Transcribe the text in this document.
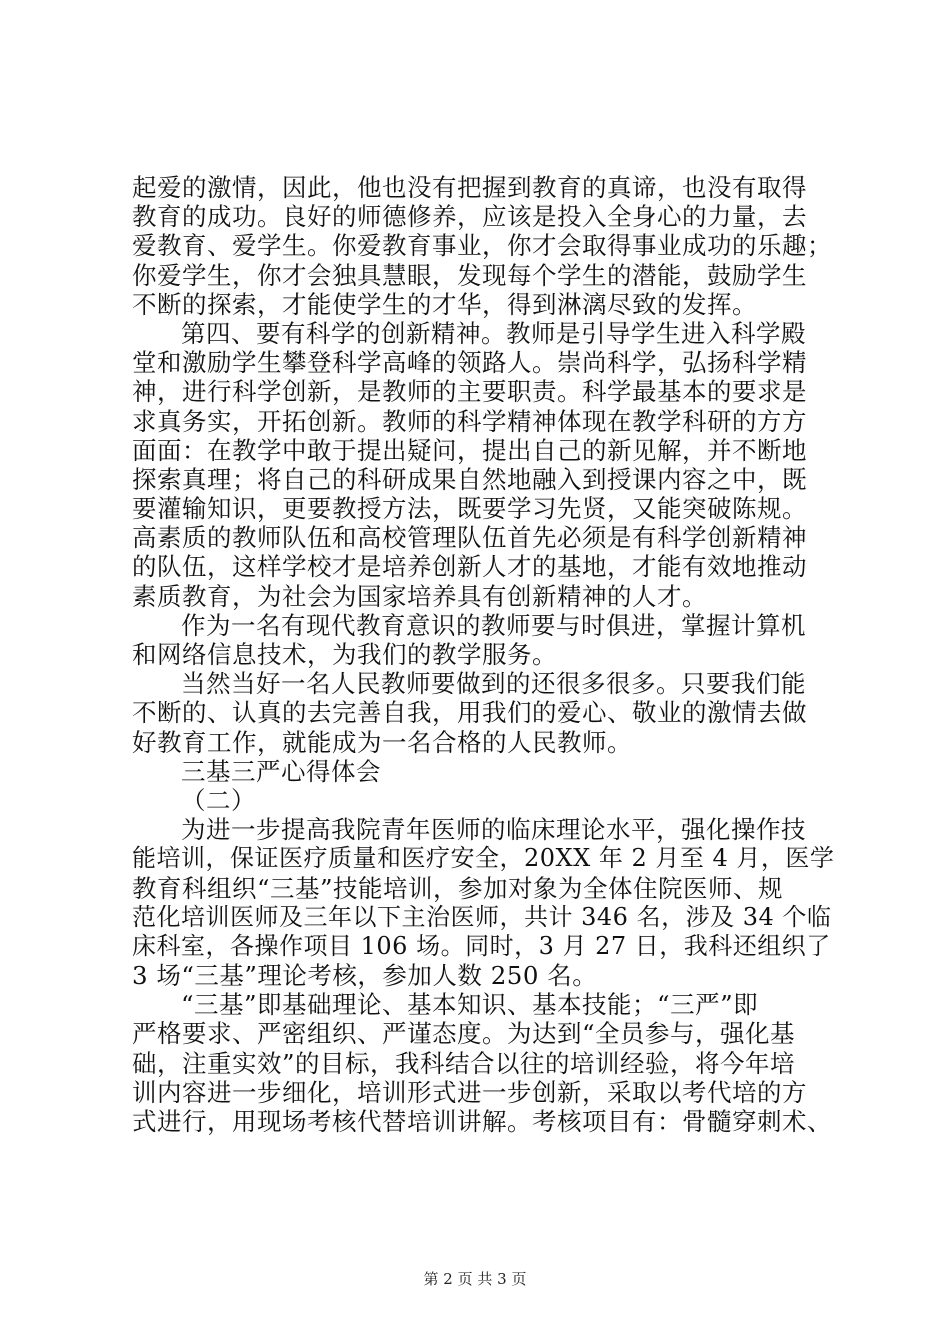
起爱的激情，因此，他也没有把握到教育的真谛，也没有取得
教育的成功。良好的师德修养，应该是投入全身心的力量，去
爱教育、爱学生。你爱教育事业，你才会取得事业成功的乐趣；
你爱学生，你才会独具慧眼，发现每个学生的潜能，鼓励学生
不断的探索，才能使学生的才华，得到淋漓尽致的发挥。
第四、要有科学的创新精神。教师是引导学生进入科学殿
堂和激励学生攀登科学高峰的领路人。崇尚科学，弘扬科学精
神，进行科学创新，是教师的主要职责。科学最基本的要求是
求真务实，开拓创新。教师的科学精神体现在教学科研的方方
面面：在教学中敢于提出疑问，提出自己的新见解，并不断地
探索真理；将自己的科研成果自然地融入到授课内容之中，既
要灌输知识，更要教授方法，既要学习先贤，又能突破陈规。
高素质的教师队伍和高校管理队伍首先必须是有科学创新精神
的队伍，这样学校才是培养创新人才的基地，才能有效地推动
素质教育，为社会为国家培养具有创新精神的人才。
作为一名有现代教育意识的教师要与时俱进，掌握计算机
和网络信息技术，为我们的教学服务。
当然当好一名人民教师要做到的还很多很多。只要我们能
不断的、认真的去完善自我，用我们的爱心、敬业的激情去做
好教育工作，就能成为一名合格的人民教师。
三基三严心得体会
（二）
为进一步提高我院青年医师的临床理论水平，强化操作技
能培训，保证医疗质量和医疗安全，20XX 年 2 月至 4 月，医学
教育科组织“三基”技能培训，参加对象为全体住院医师、规
范化培训医师及三年以下主治医师，共计 346 名，涉及 34 个临
床科室，各操作项目 106 场。同时，3 月 27 日，我科还组织了
3 场“三基”理论考核，参加人数 250 名。
“三基”即基础理论、基本知识、基本技能；“三严”即
严格要求、严密组织、严谨态度。为达到“全员参与，强化基
础，注重实效”的目标，我科结合以往的培训经验，将今年培
训内容进一步细化，培训形式进一步创新，采取以考代培的方
式进行，用现场考核代替培训讲解。考核项目有：骨髓穿刺术、
第 2 页 共 3 页
